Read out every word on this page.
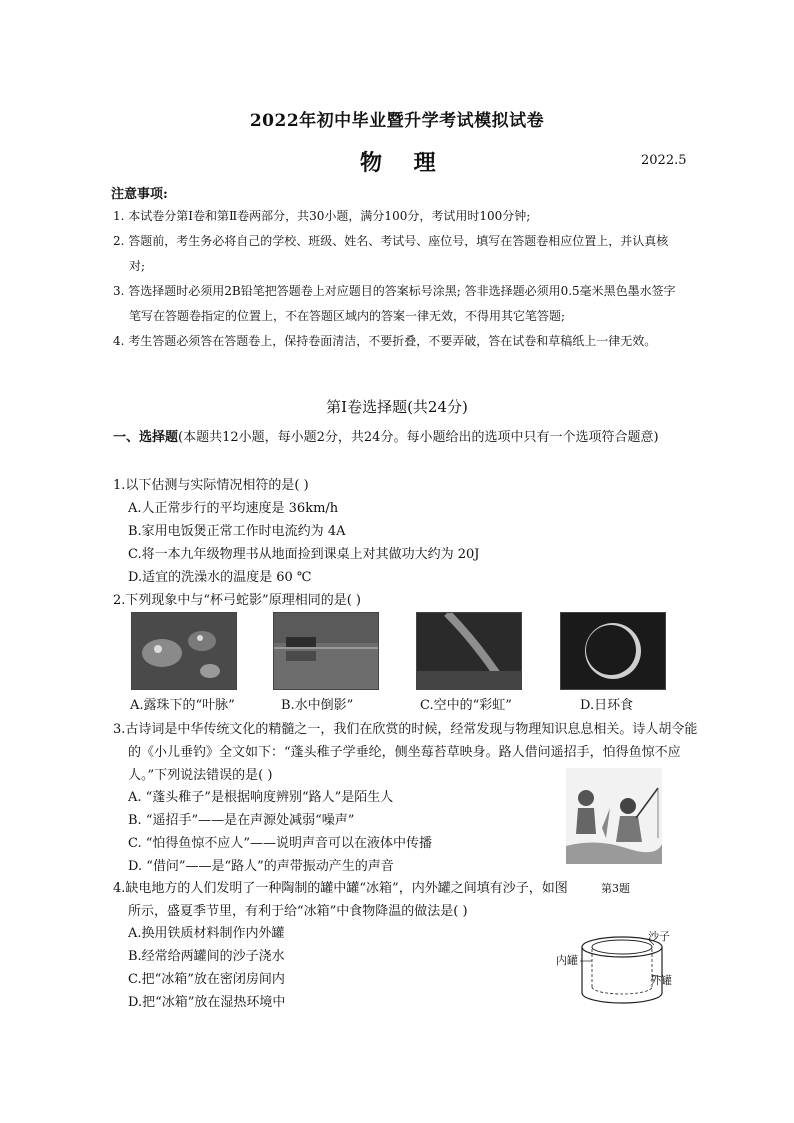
2022年初中毕业暨升学考试模拟试卷
物 理	2022.5
注意事项:
1. 本试卷分第Ⅰ卷和第Ⅱ卷两部分，共30小题，满分100分，考试用时100分钟;
2. 答题前，考生务必将自己的学校、班级、姓名、考试号、座位号，填写在答题卷相应位置上，并认真核对;
3. 答选择题时必须用2B铅笔把答题卷上对应题目的答案标号涂黑; 答非选择题必须用0.5毫米黑色墨水签字笔写在答题卷指定的位置上，不在答题区域内的答案一律无效，不得用其它笔答题;
4. 考生答题必须答在答题卷上，保持卷面清洁，不要折叠，不要弄破，答在试卷和草稿纸上一律无效。
第Ⅰ卷选择题(共24分)
一、选择题(本题共12小题，每小题2分，共24分。每小题给出的选项中只有一个选项符合题意)
1.以下估测与实际情况相符的是( )
A.人正常步行的平均速度是 36km/h
B.家用电饭煲正常工作时电流约为 4A
C.将一本九年级物理书从地面捡到课桌上对其做功大约为 20J
D.适宜的洗澡水的温度是 60 ℃
2.下列现象中与“杯弓蛇影”原理相同的是( )
A.露珠下的“叶脉”	B.水中倒影”	C.空中的“彩虹”	D.日环食
3.古诗词是中华传统文化的精髓之一，我们在欣赏的时候，经常发现与物理知识息息相关。诗人胡令能的《小儿垂钓》全文如下：“蓬头稚子学垂纶，侧坐莓苔草映身。路人借问遥招手，怕得鱼惊不应人。”下列说法错误的是( )
A. “蓬头稚子”是根据响度辨别“路人”是陌生人
B. “遥招手”——是在声源处减弱“噪声”
C. “怕得鱼惊不应人”——说明声音可以在液体中传播
D. “借问”——是“路人”的声带振动产生的声音
第3题
4.缺电地方的人们发明了一种陶制的罐中罐“冰箱”，内外罐之间填有沙子，如图所示，盛夏季节里，有利于给“冰箱”中食物降温的做法是( )
A.换用铁质材料制作内外罐
B.经常给两罐间的沙子浇水
C.把“冰箱”放在密闭房间内
D.把“冰箱”放在湿热环境中
沙子
内罐
外罐
